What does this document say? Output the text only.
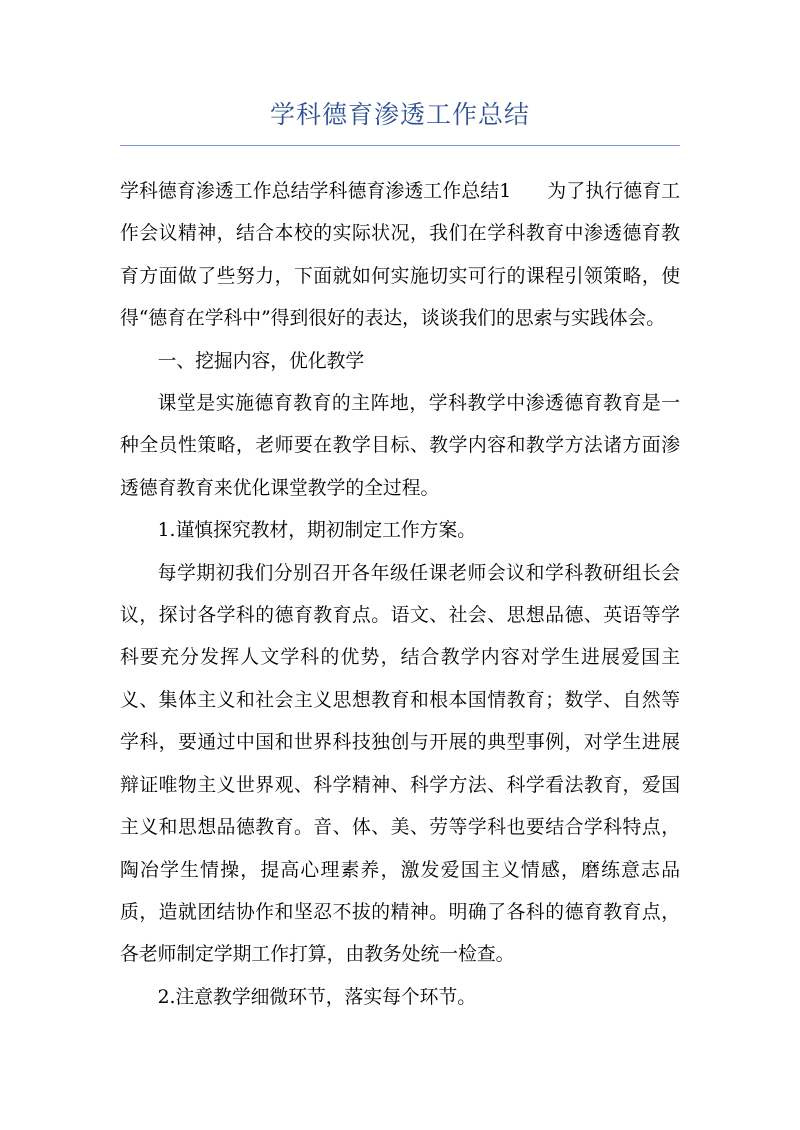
学科德育渗透工作总结

学科德育渗透工作总结学科德育渗透工作总结1 为了执行德育工作会议精神，结合本校的实际状况，我们在学科教育中渗透德育教育方面做了些努力，下面就如何实施切实可行的课程引领策略，使得“德育在学科中”得到很好的表达，谈谈我们的思索与实践体会。

一、挖掘内容，优化教学

课堂是实施德育教育的主阵地，学科教学中渗透德育教育是一种全员性策略，老师要在教学目标、教学内容和教学方法诸方面渗透德育教育来优化课堂教学的全过程。

1.谨慎探究教材，期初制定工作方案。

每学期初我们分别召开各年级任课老师会议和学科教研组长会议，探讨各学科的德育教育点。语文、社会、思想品德、英语等学科要充分发挥人文学科的优势，结合教学内容对学生进展爱国主义、集体主义和社会主义思想教育和根本国情教育；数学、自然等学科，要通过中国和世界科技独创与开展的典型事例，对学生进展辩证唯物主义世界观、科学精神、科学方法、科学看法教育，爱国主义和思想品德教育。音、体、美、劳等学科也要结合学科特点，陶冶学生情操，提高心理素养，激发爱国主义情感，磨练意志品质，造就团结协作和坚忍不拔的精神。明确了各科的德育教育点，各老师制定学期工作打算，由教务处统一检查。

2.注意教学细微环节，落实每个环节。
